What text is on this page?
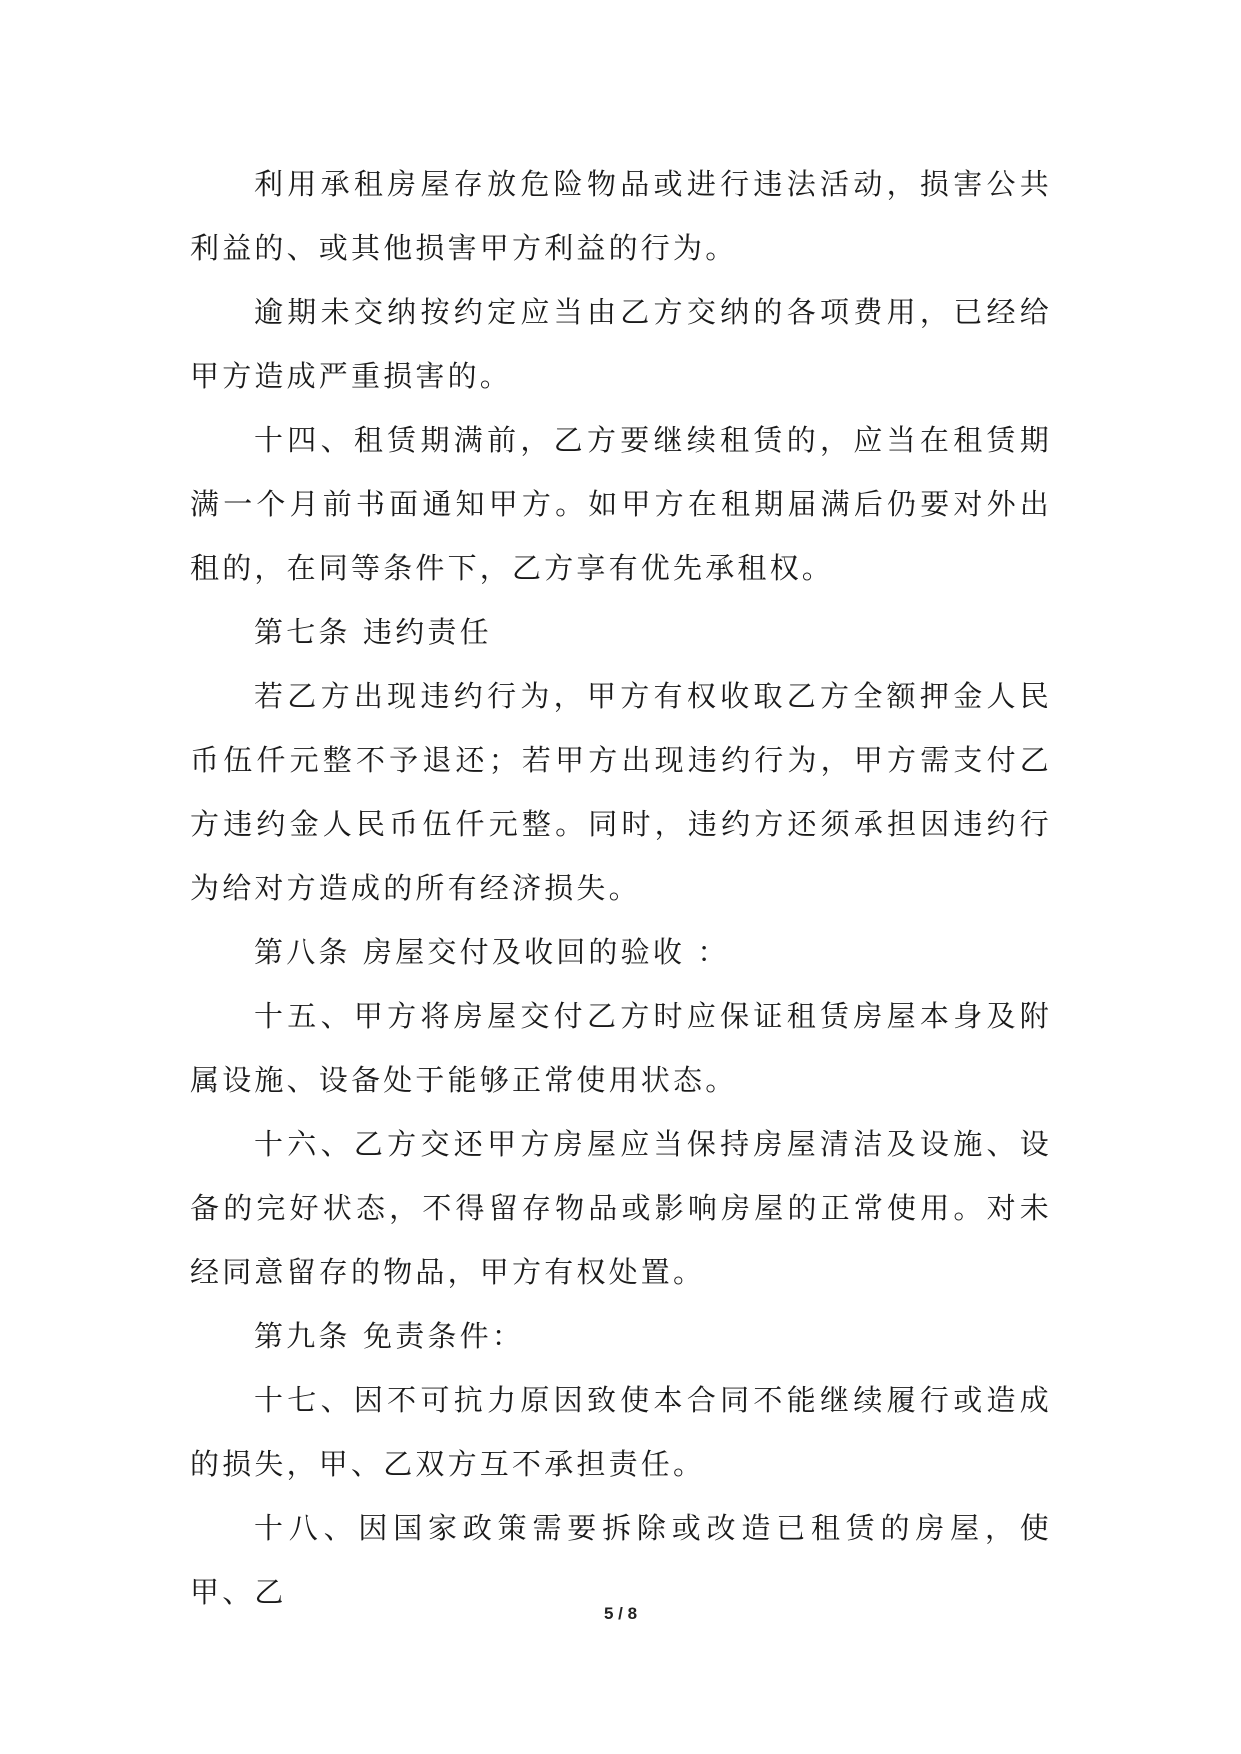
利用承租房屋存放危险物品或进行违法活动，损害公共利益的、或其他损害甲方利益的行为。

逾期未交纳按约定应当由乙方交纳的各项费用，已经给甲方造成严重损害的。

十四、租赁期满前，乙方要继续租赁的，应当在租赁期满一个月前书面通知甲方。如甲方在租期届满后仍要对外出租的，在同等条件下，乙方享有优先承租权。

第七条 违约责任

若乙方出现违约行为，甲方有权收取乙方全额押金人民币伍仟元整不予退还；若甲方出现违约行为，甲方需支付乙方违约金人民币伍仟元整。同时，违约方还须承担因违约行为给对方造成的所有经济损失。

第八条 房屋交付及收回的验收 ：

十五、甲方将房屋交付乙方时应保证租赁房屋本身及附属设施、设备处于能够正常使用状态。

十六、乙方交还甲方房屋应当保持房屋清洁及设施、设备的完好状态，不得留存物品或影响房屋的正常使用。对未经同意留存的物品，甲方有权处置。

第九条 免责条件：

十七、因不可抗力原因致使本合同不能继续履行或造成的损失，甲、乙双方互不承担责任。

十八、因国家政策需要拆除或改造已租赁的房屋，使甲、乙

5 / 8
